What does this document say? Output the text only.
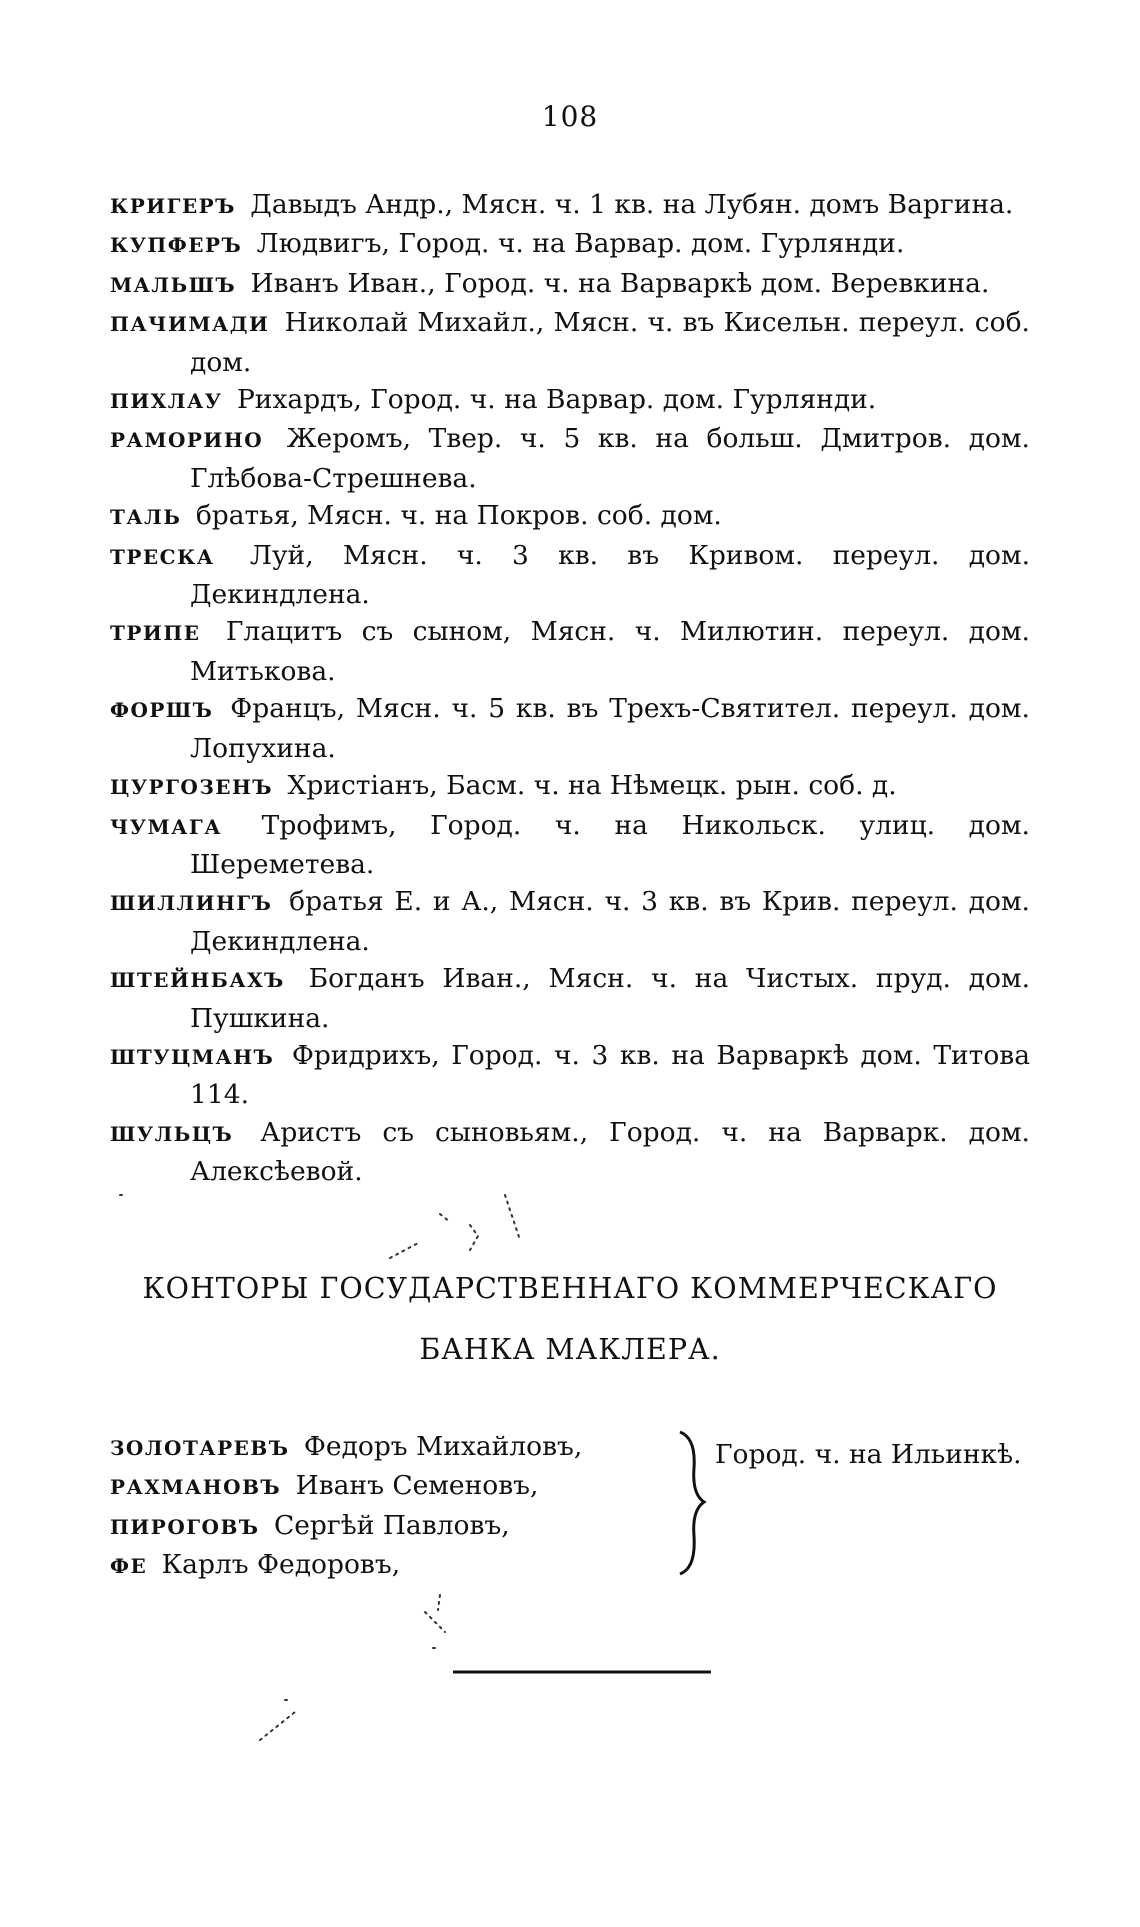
108
КРИГЕРЪ Давыдъ Андр., Мясн. ч. 1 кв. на Лубян. домъ Варгина.
КУПФЕРЪ Людвигъ, Город. ч. на Варвар. дом. Гурлянди.
МАЛЬШЪ Иванъ Иван., Город. ч. на Варваркѣ дом. Веревкина.
ПАЧИМАДИ Николай Михайл., Мясн. ч. въ Кисельн. переул. соб. дом.
ПИХЛАУ Рихардъ, Город. ч. на Варвар. дом. Гурлянди.
РАМОРИНО Жеромъ, Твер. ч. 5 кв. на больш. Дмитров. дом. Глѣбова-Стрешнева.
ТАЛЬ братья, Мясн. ч. на Покров. соб. дом.
ТРЕСКА Луй, Мясн. ч. 3 кв. въ Кривом. переул. дом. Декиндлена.
ТРИПЕ Глацитъ съ сыном, Мясн. ч. Милютин. переул. дом. Митькова.
ФОРШЪ Францъ, Мясн. ч. 5 кв. въ Трехъ-Святител. переул. дом. Лопухина.
ЦУРГОЗЕНЪ Христіанъ, Басм. ч. на Нѣмецк. рын. соб. д.
ЧУМАГА Трофимъ, Город. ч. на Никольск. улиц. дом. Шереметева.
ШИЛЛИНГЪ братья Е. и А., Мясн. ч. 3 кв. въ Крив. переул. дом. Декиндлена.
ШТЕЙНБАХЪ Богданъ Иван., Мясн. ч. на Чистых. пруд. дом. Пушкина.
ШТУЦМАНЪ Фридрихъ, Город. ч. 3 кв. на Варваркѣ дом. Титова 114.
ШУЛЬЦЪ Аристъ съ сыновьям., Город. ч. на Варварк. дом. Алексѣевой.
КОНТОРЫ ГОСУДАРСТВЕННАГО КОММЕРЧЕСКАГО
БАНКА МАКЛЕРА.
ЗОЛОТАРЕВЪ Федоръ Михайловъ,
РАХМАНОВЪ Иванъ Семеновъ,
ПИРОГОВЪ Сергѣй Павловъ,
ФЕ Карлъ Федоровъ,
Город. ч. на Ильинкѣ.
